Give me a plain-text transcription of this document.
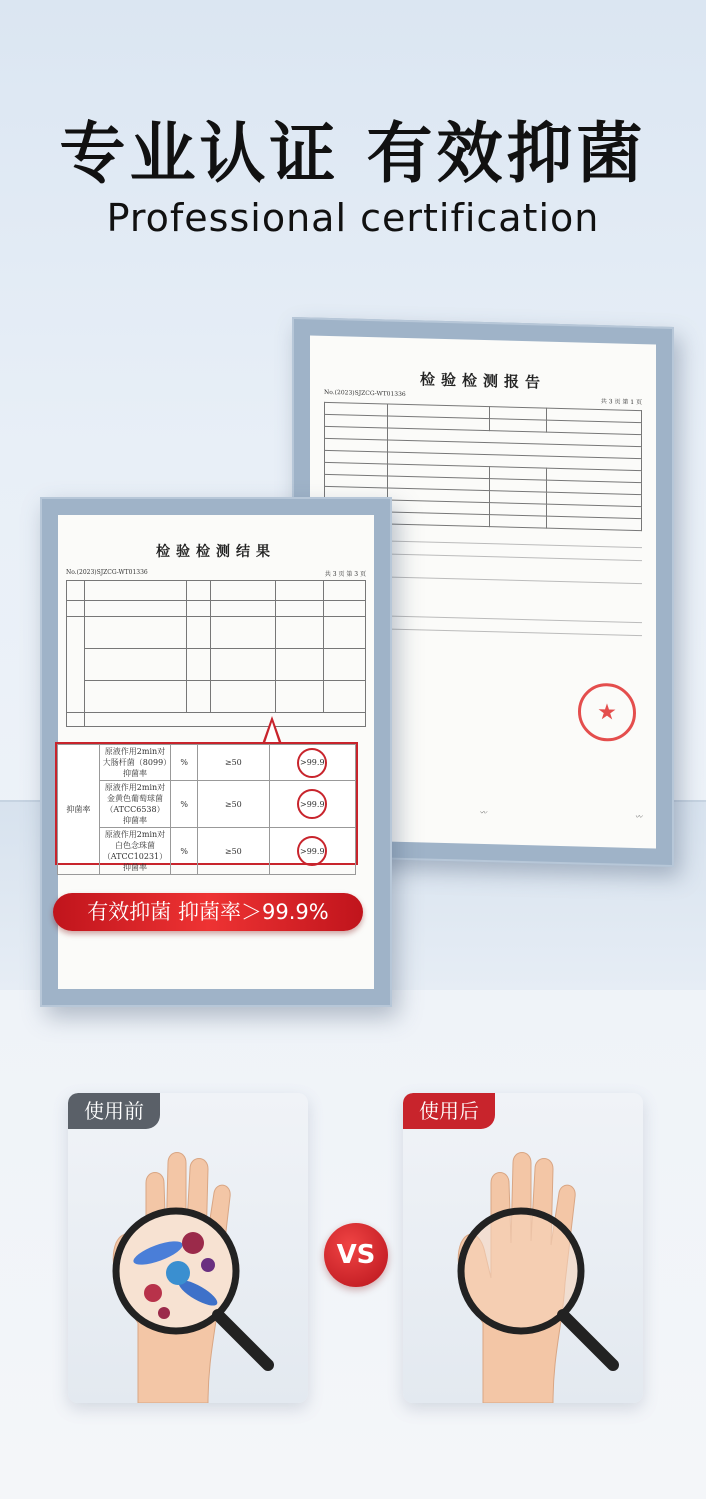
专业认证 有效抑菌
Professional certification
检验检测报告
No.(2023)SJZCG-WT01336
共 3 页 第 1 页

★
〰	〰
检验检测结果
No.(2023)SJZCG-WT01336	共 3 页 第 3 页

抑菌率	原液作用2min对大肠杆菌（8099）抑菌率	%	≥50	>99.9
	原液作用2min对金黄色葡萄球菌（ATCC6538）抑菌率	%	≥50	>99.9
	原液作用2min对白色念珠菌（ATCC10231）抑菌率	%	≥50	>99.9
有效抑菌 抑菌率＞99.9%
使用前
VS
使用后
